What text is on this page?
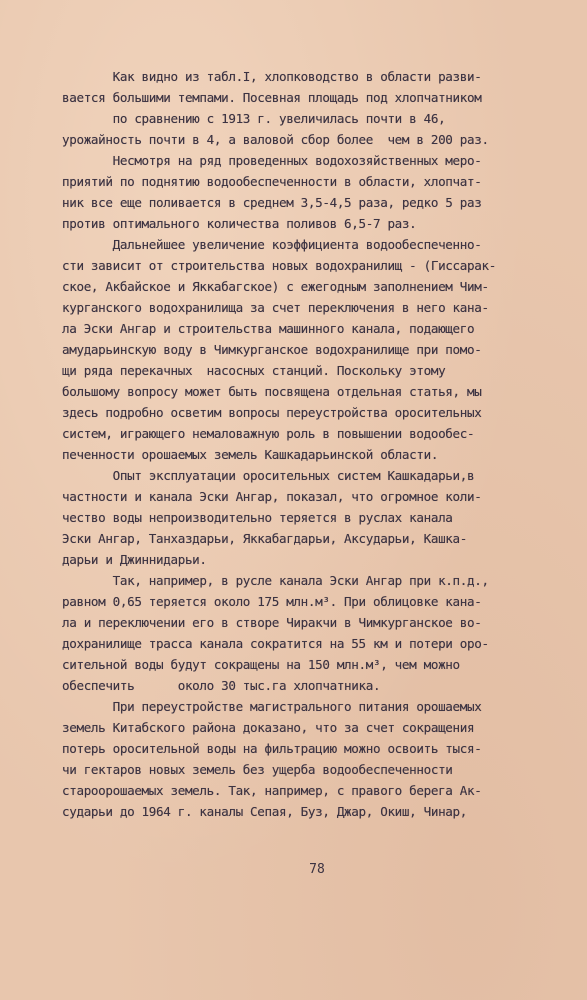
Как видно из табл.I, хлопководство в области разви-
вается большими темпами. Посевная площадь под хлопчатником
по сравнению с 1913 г. увеличилась почти в 46,
урожайность почти в 4, а валовой сбор более  чем в 200 раз.
Несмотря на ряд проведенных водохозяйственных меро-
приятий по поднятию водообеспеченности в области, хлопчат-
ник все еще поливается в среднем 3,5-4,5 раза, редко 5 раз
против оптимального количества поливов 6,5-7 раз.
Дальнейшее увеличение коэффициента водообеспеченно-
сти зависит от строительства новых водохранилищ - (Гиссарак-
ское, Акбайское и Яккабагское) с ежегодным заполнением Чим-
курганского водохранилища за счет переключения в него кана-
ла Эски Ангар и строительства машинного канала, подающего
амударьинскую воду в Чимкурганское водохранилище при помо-
щи ряда перекачных  насосных станций. Поскольку этому
большому вопросу может быть посвящена отдельная статья, мы
здесь подробно осветим вопросы переустройства оросительных
систем, играющего немаловажную роль в повышении водообес-
печенности орошаемых земель Кашкадарьинской области.
Опыт эксплуатации оросительных систем Кашкадарьи,в
частности и канала Эски Ангар, показал, что огромное коли-
чество воды непроизводительно теряется в руслах канала
Эски Ангар, Танхаздарьи, Яккабагдарьи, Аксударьи, Кашка-
дарьи и Джиннидарьи.
Так, например, в русле канала Эски Ангар при к.п.д.,
равном 0,65 теряется около 175 млн.м³. При облицовке кана-
ла и переключении его в створе Чиракчи в Чимкурганское во-
дохранилище трасса канала сократится на 55 км и потери оро-
сительной воды будут сокращены на 150 млн.м³, чем можно
обеспечить      около 30 тыс.га хлопчатника.
При переустройстве магистрального питания орошаемых
земель Китабского района доказано, что за счет сокращения
потерь оросительной воды на фильтрацию можно освоить тыся-
чи гектаров новых земель без ущерба водообеспеченности
староорошаемых земель. Так, например, с правого берега Ак-
сударьи до 1964 г. каналы Сепая, Буз, Джар, Окиш, Чинар,
78
